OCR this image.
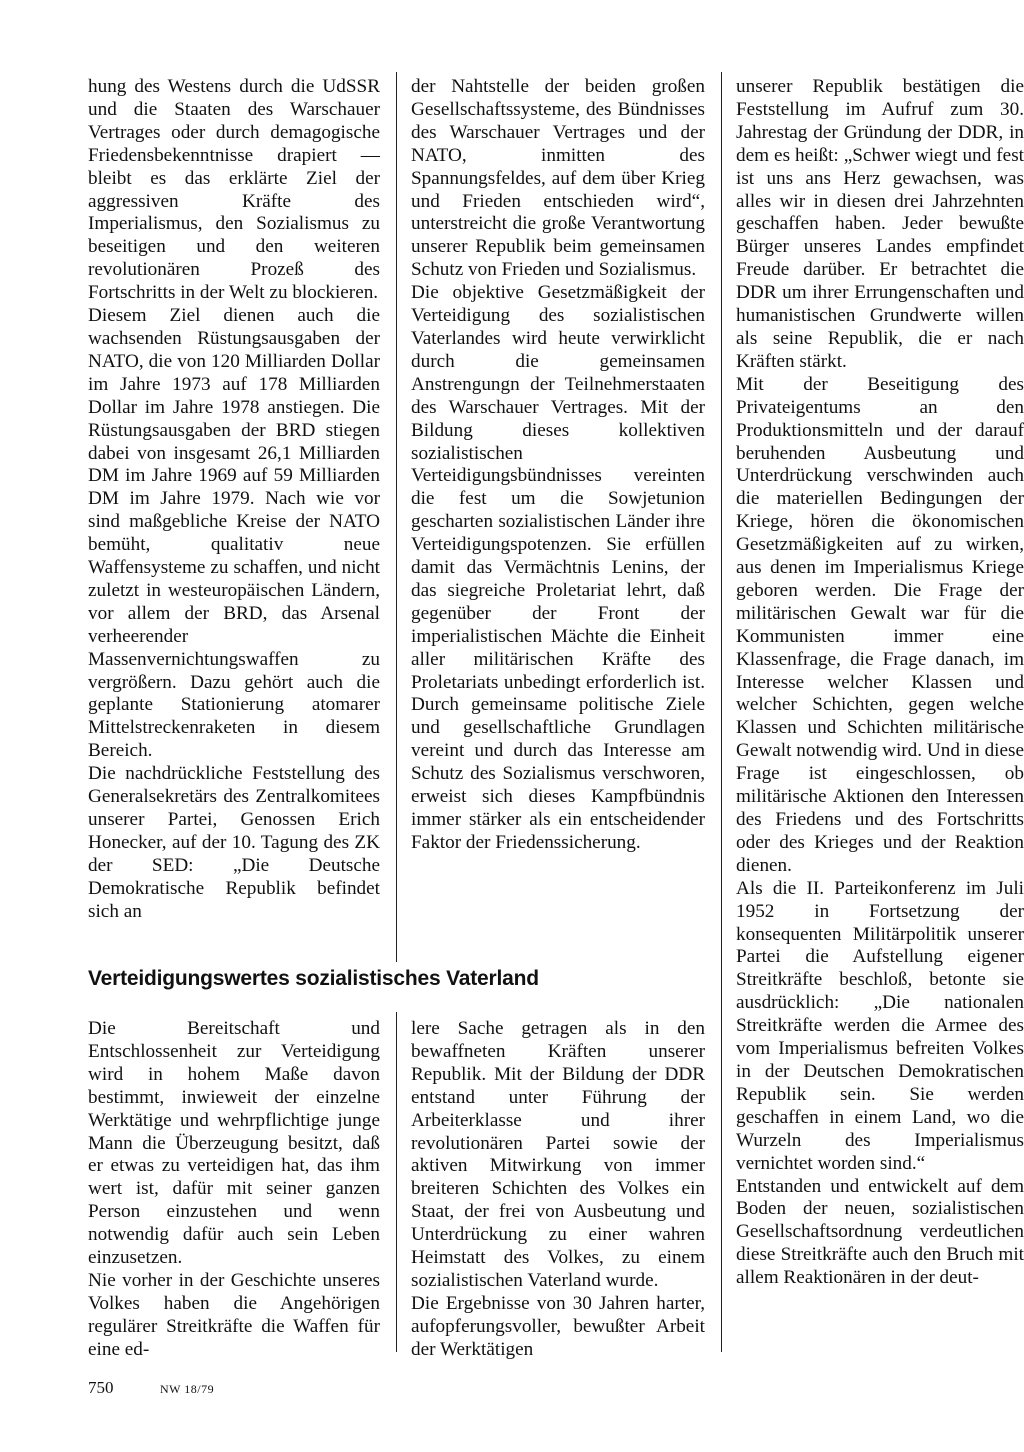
hung des Westens durch die UdSSR und die Staaten des Warschauer Vertrages oder durch demagogische Friedensbekenntnisse drapiert — bleibt es das erklärte Ziel der aggressiven Kräfte des Imperialismus, den Sozialismus zu beseitigen und den weiteren revolutionären Prozeß des Fortschritts in der Welt zu blockieren.

Diesem Ziel dienen auch die wachsenden Rüstungsausgaben der NATO, die von 120 Milliarden Dollar im Jahre 1973 auf 178 Milliarden Dollar im Jahre 1978 anstiegen. Die Rüstungsausgaben der BRD stiegen dabei von insgesamt 26,1 Milliarden DM im Jahre 1969 auf 59 Milliarden DM im Jahre 1979. Nach wie vor sind maßgebliche Kreise der NATO bemüht, qualitativ neue Waffensysteme zu schaffen, und nicht zuletzt in westeuropäischen Ländern, vor allem der BRD, das Arsenal verheerender Massenvernichtungswaffen zu vergrößern. Dazu gehört auch die geplante Stationierung atomarer Mittelstreckenraketen in diesem Bereich.

Die nachdrückliche Feststellung des Generalsekretärs des Zentralkomitees unserer Partei, Genossen Erich Honecker, auf der 10. Tagung des ZK der SED: „Die Deutsche Demokratische Republik befindet sich an

der Nahtstelle der beiden großen Gesellschaftssysteme, des Bündnisses des Warschauer Vertrages und der NATO, inmitten des Spannungsfeldes, auf dem über Krieg und Frieden entschieden wird“, unterstreicht die große Verantwortung unserer Republik beim gemeinsamen Schutz von Frieden und Sozialismus.

Die objektive Gesetzmäßigkeit der Verteidigung des sozialistischen Vaterlandes wird heute verwirklicht durch die gemeinsamen Anstrengungn der Teilnehmerstaaten des Warschauer Vertrages. Mit der Bildung dieses kollektiven sozialistischen Verteidigungsbündnisses vereinten die fest um die Sowjetunion gescharten sozialistischen Länder ihre Verteidigungspotenzen. Sie erfüllen damit das Vermächtnis Lenins, der das siegreiche Proletariat lehrt, daß gegenüber der Front der imperialistischen Mächte die Einheit aller militärischen Kräfte des Proletariats unbedingt erforderlich ist. Durch gemeinsame politische Ziele und gesellschaftliche Grundlagen vereint und durch das Interesse am Schutz des Sozialismus verschworen, erweist sich dieses Kampfbündnis immer stärker als ein entscheidender Faktor der Friedenssicherung.

unserer Republik bestätigen die Feststellung im Aufruf zum 30. Jahrestag der Gründung der DDR, in dem es heißt: „Schwer wiegt und fest ist uns ans Herz gewachsen, was alles wir in diesen drei Jahrzehnten geschaffen haben. Jeder bewußte Bürger unseres Landes empfindet Freude darüber. Er betrachtet die DDR um ihrer Errungenschaften und humanistischen Grundwerte willen als seine Republik, die er nach Kräften stärkt.

Mit der Beseitigung des Privateigentums an den Produktionsmitteln und der darauf beruhenden Ausbeutung und Unterdrückung verschwinden auch die materiellen Bedingungen der Kriege, hören die ökonomischen Gesetzmäßigkeiten auf zu wirken, aus denen im Imperialismus Kriege geboren werden. Die Frage der militärischen Gewalt war für die Kommunisten immer eine Klassenfrage, die Frage danach, im Interesse welcher Klassen und welcher Schichten, gegen welche Klassen und Schichten militärische Gewalt notwendig wird. Und in diese Frage ist eingeschlossen, ob militärische Aktionen den Interessen des Friedens und des Fortschritts oder des Krieges und der Reaktion dienen.

Als die II. Parteikonferenz im Juli 1952 in Fortsetzung der konsequenten Militärpolitik unserer Partei die Aufstellung eigener Streitkräfte beschloß, betonte sie ausdrücklich: „Die nationalen Streitkräfte werden die Armee des vom Imperialismus befreiten Volkes in der Deutschen Demokratischen Republik sein. Sie werden geschaffen in einem Land, wo die Wurzeln des Imperialismus vernichtet worden sind.“

Entstanden und entwickelt auf dem Boden der neuen, sozialistischen Gesellschaftsordnung verdeutlichen diese Streitkräfte auch den Bruch mit allem Reaktionären in der deut-

Verteidigungswertes sozialistisches Vaterland

Die Bereitschaft und Entschlossenheit zur Verteidigung wird in hohem Maße davon bestimmt, inwieweit der einzelne Werktätige und wehrpflichtige junge Mann die Überzeugung besitzt, daß er etwas zu verteidigen hat, das ihm wert ist, dafür mit seiner ganzen Person einzustehen und wenn notwendig dafür auch sein Leben einzusetzen.

Nie vorher in der Geschichte unseres Volkes haben die Angehörigen regulärer Streitkräfte die Waffen für eine ed-

lere Sache getragen als in den bewaffneten Kräften unserer Republik. Mit der Bildung der DDR entstand unter Führung der Arbeiterklasse und ihrer revolutionären Partei sowie der aktiven Mitwirkung von immer breiteren Schichten des Volkes ein Staat, der frei von Ausbeutung und Unterdrückung zu einer wahren Heimstatt des Volkes, zu einem sozialistischen Vaterland wurde.

Die Ergebnisse von 30 Jahren harter, aufopferungsvoller, bewußter Arbeit der Werktätigen

750	NW 18/79
